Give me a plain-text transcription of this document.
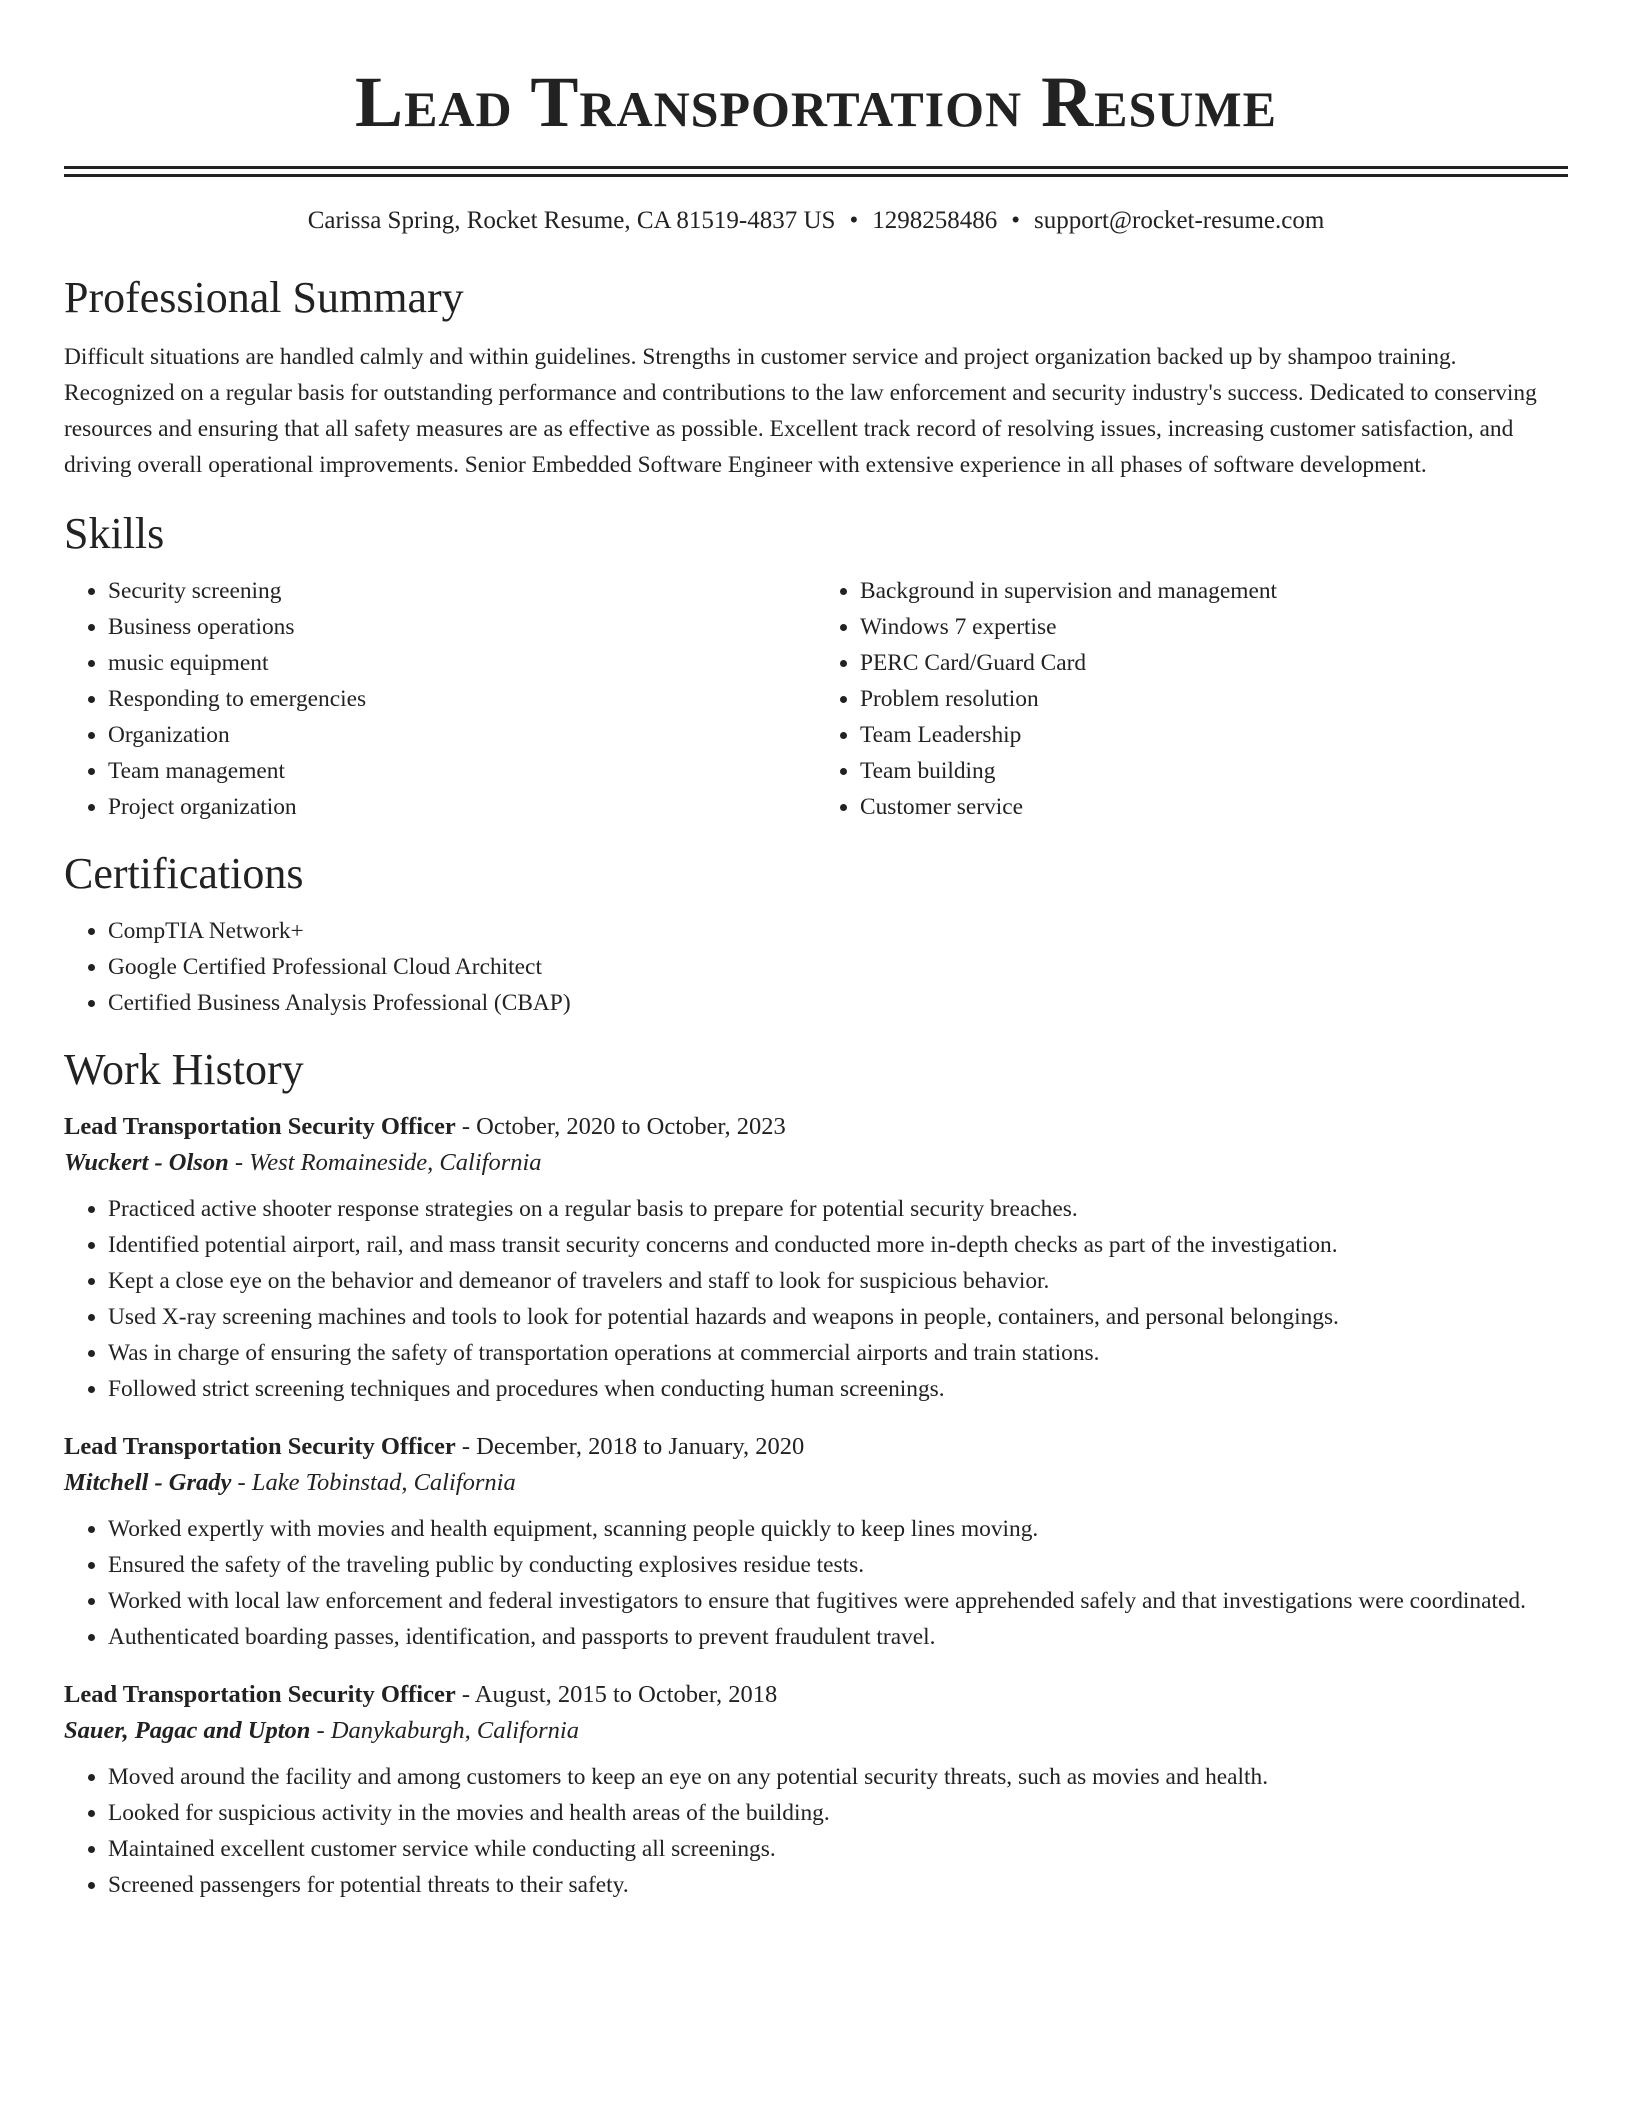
Lead Transportation Resume
Carissa Spring, Rocket Resume, CA 81519-4837 US • 1298258486 • support@rocket-resume.com
Professional Summary

Difficult situations are handled calmly and within guidelines. Strengths in customer service and project organization backed up by shampoo training. Recognized on a regular basis for outstanding performance and contributions to the law enforcement and security industry's success. Dedicated to conserving resources and ensuring that all safety measures are as effective as possible. Excellent track record of resolving issues, increasing customer satisfaction, and driving overall operational improvements. Senior Embedded Software Engineer with extensive experience in all phases of software development.

Skills
• Security screening
• Business operations
• music equipment
• Responding to emergencies
• Organization
• Team management
• Project organization
• Background in supervision and management
• Windows 7 expertise
• PERC Card/Guard Card
• Problem resolution
• Team Leadership
• Team building
• Customer service
Certifications
• CompTIA Network+
• Google Certified Professional Cloud Architect
• Certified Business Analysis Professional (CBAP)
Work History
Lead Transportation Security Officer - October, 2020 to October, 2023
Wuckert - Olson - West Romaineside, California
• Practiced active shooter response strategies on a regular basis to prepare for potential security breaches.
• Identified potential airport, rail, and mass transit security concerns and conducted more in-depth checks as part of the investigation.
• Kept a close eye on the behavior and demeanor of travelers and staff to look for suspicious behavior.
• Used X-ray screening machines and tools to look for potential hazards and weapons in people, containers, and personal belongings.
• Was in charge of ensuring the safety of transportation operations at commercial airports and train stations.
• Followed strict screening techniques and procedures when conducting human screenings.
Lead Transportation Security Officer - December, 2018 to January, 2020
Mitchell - Grady - Lake Tobinstad, California
• Worked expertly with movies and health equipment, scanning people quickly to keep lines moving.
• Ensured the safety of the traveling public by conducting explosives residue tests.
• Worked with local law enforcement and federal investigators to ensure that fugitives were apprehended safely and that investigations were coordinated.
• Authenticated boarding passes, identification, and passports to prevent fraudulent travel.
Lead Transportation Security Officer - August, 2015 to October, 2018
Sauer, Pagac and Upton - Danykaburgh, California
• Moved around the facility and among customers to keep an eye on any potential security threats, such as movies and health.
• Looked for suspicious activity in the movies and health areas of the building.
• Maintained excellent customer service while conducting all screenings.
• Screened passengers for potential threats to their safety.
